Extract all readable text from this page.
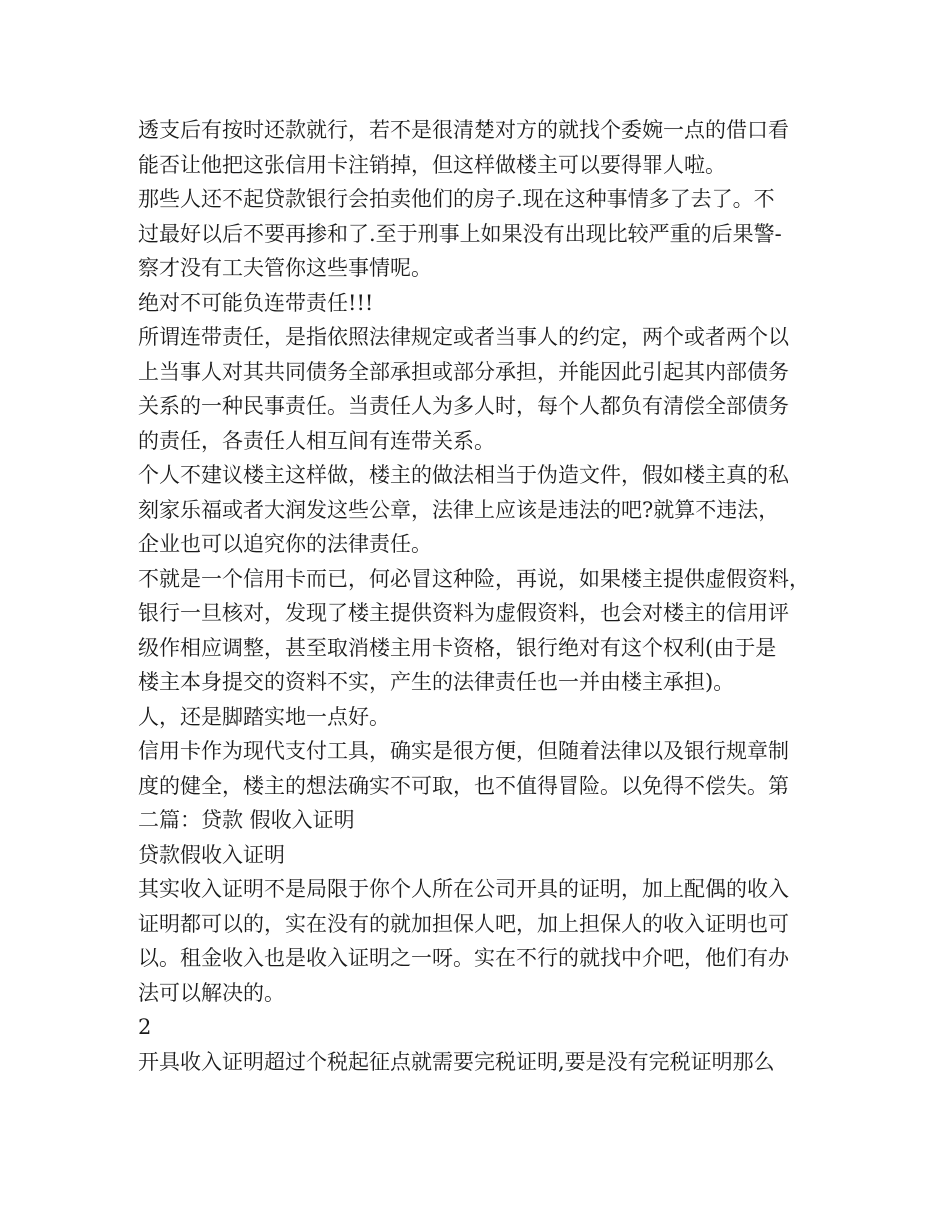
透支后有按时还款就行，若不是很清楚对方的就找个委婉一点的借口看
能否让他把这张信用卡注销掉，但这样做楼主可以要得罪人啦。
那些人还不起贷款银行会拍卖他们的房子.现在这种事情多了去了。不
过最好以后不要再掺和了.至于刑事上如果没有出现比较严重的后果警-
察才没有工夫管你这些事情呢。
绝对不可能负连带责任!!!
所谓连带责任，是指依照法律规定或者当事人的约定，两个或者两个以
上当事人对其共同债务全部承担或部分承担，并能因此引起其内部债务
关系的一种民事责任。当责任人为多人时，每个人都负有清偿全部债务
的责任，各责任人相互间有连带关系。
个人不建议楼主这样做，楼主的做法相当于伪造文件，假如楼主真的私
刻家乐福或者大润发这些公章，法律上应该是违法的吧?就算不违法，
企业也可以追究你的法律责任。
不就是一个信用卡而已，何必冒这种险，再说，如果楼主提供虚假资料，
银行一旦核对，发现了楼主提供资料为虚假资料，也会对楼主的信用评
级作相应调整，甚至取消楼主用卡资格，银行绝对有这个权利(由于是
楼主本身提交的资料不实，产生的法律责任也一并由楼主承担)。
人，还是脚踏实地一点好。
信用卡作为现代支付工具，确实是很方便，但随着法律以及银行规章制
度的健全，楼主的想法确实不可取，也不值得冒险。以免得不偿失。第
二篇：贷款 假收入证明
贷款假收入证明
其实收入证明不是局限于你个人所在公司开具的证明，加上配偶的收入
证明都可以的，实在没有的就加担保人吧，加上担保人的收入证明也可
以。租金收入也是收入证明之一呀。实在不行的就找中介吧，他们有办
法可以解决的。
2
开具收入证明超过个税起征点就需要完税证明,要是没有完税证明那么
